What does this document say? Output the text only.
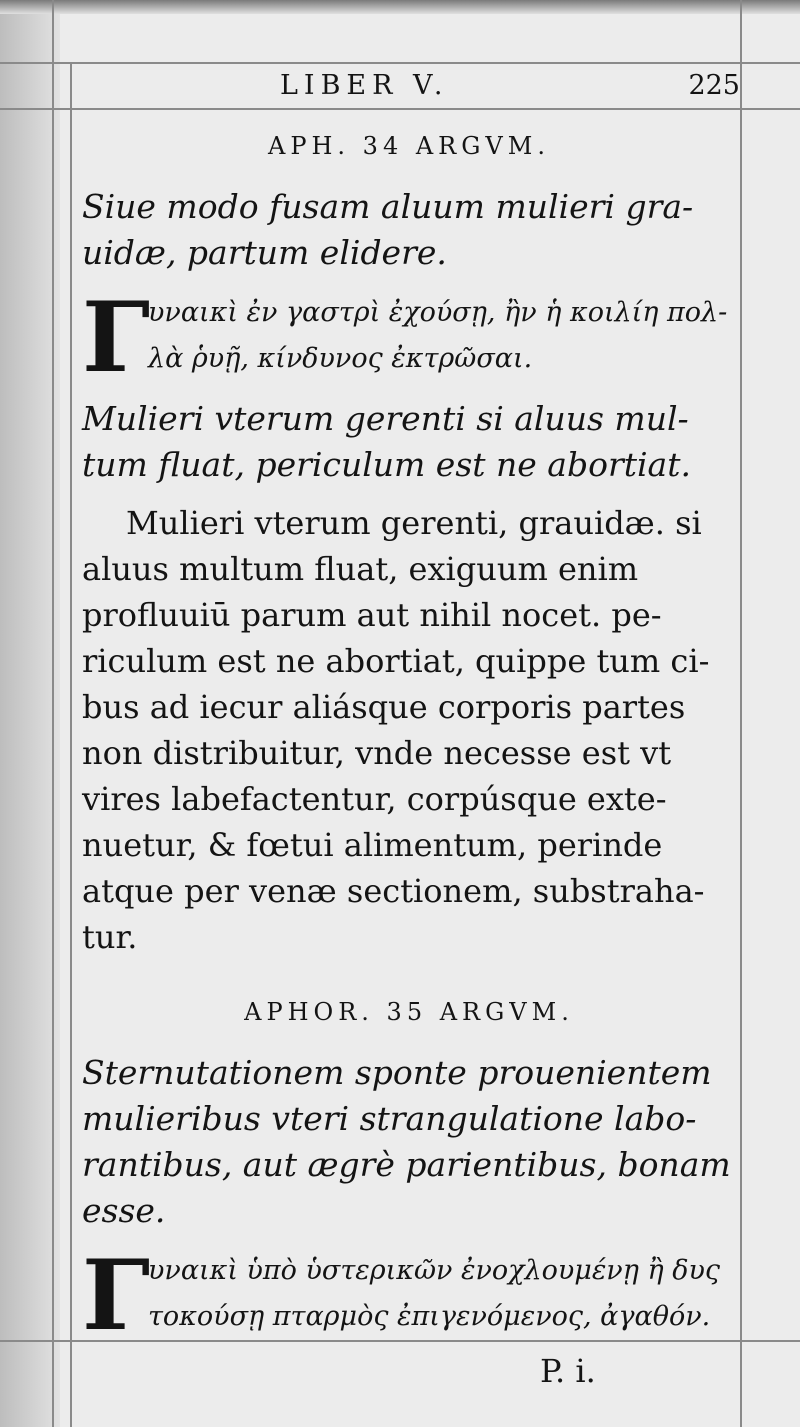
LIBER V.	225
APH. 34 ARGVM.
Siue modo fusam aluum mulieri gra-
uidæ, partum elidere.
Γ
υναικὶ ἐν γαστρὶ ἐχούσῃ, ἢν ἡ κοιλίη πολ-
λὰ ῥυῇ, κίνδυνος ἐκτρῶσαι.
Mulieri vterum gerenti si aluus mul-
tum fluat, periculum est ne abortiat.
Mulieri vterum gerenti, grauidæ. si
aluus multum fluat, exiguum enim
profluuiū parum aut nihil nocet. pe-
riculum est ne abortiat, quippe tum ci-
bus ad iecur aliásque corporis partes
non distribuitur, vnde necesse est vt
vires labefactentur, corpúsque exte-
nuetur, & fœtui alimentum, perinde
atque per venæ sectionem, substraha-
tur.
APHOR. 35 ARGVM.
Sternutationem sponte prouenientem
mulieribus vteri strangulatione labo-
rantibus, aut ægrè parientibus, bonam
esse.
Γ
υναικὶ ὑπὸ ὑστερικῶν ἐνοχλουμένῃ ἢ δυς
τοκούσῃ πταρμὸς ἐπιγενόμενος, ἀγαθόν.
P. i.
